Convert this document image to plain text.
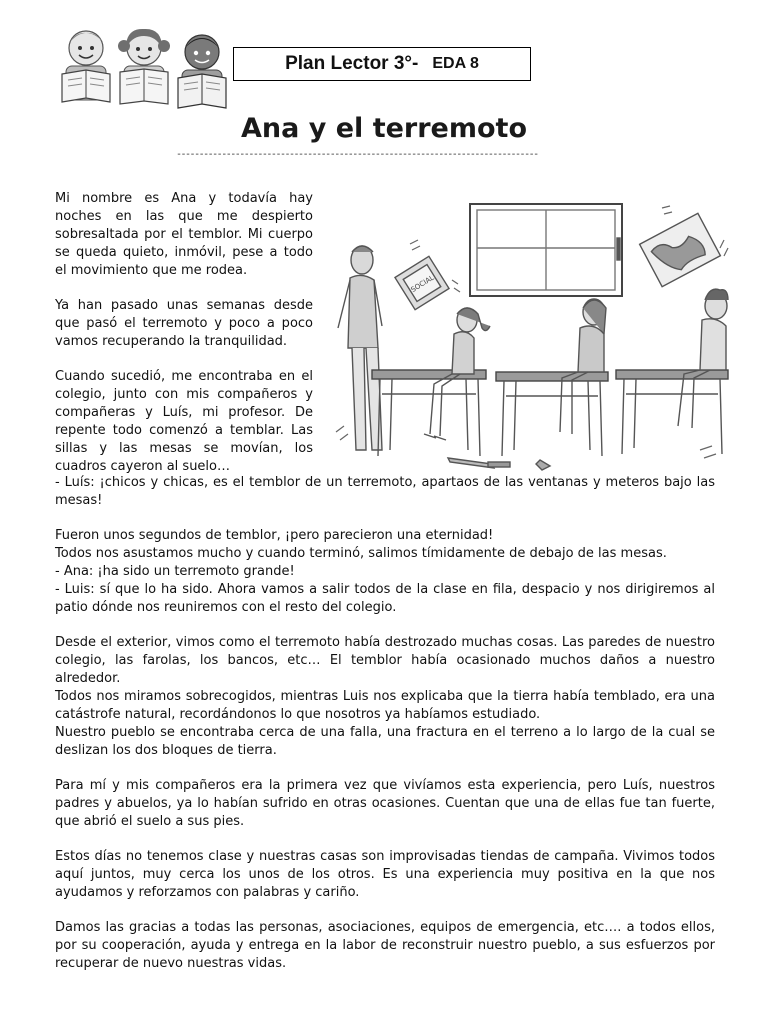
Plan Lector 3°- EDA 8
Ana y el terremoto
--------------------------------------------------------------------------------

Mi nombre es Ana y todavía hay noches en las que me despierto sobresaltada por el temblor. Mi cuerpo se queda quieto, inmóvil, pese a todo el movimiento que me rodea.

Ya han pasado unas semanas desde que pasó el terremoto y poco a poco vamos recuperando la tranquilidad.

Cuando sucedió, me encontraba en el colegio, junto con mis compañeros y compañeras y Luís, mi profesor. De repente todo comenzó a temblar. Las sillas y las mesas se movían, los cuadros cayeron al suelo…

SOCIAL
- Luís: ¡chicos y chicas, es el temblor de un terremoto, apartaos de las ventanas y meteros bajo las mesas!
Fueron unos segundos de temblor, ¡pero parecieron una eternidad!
Todos nos asustamos mucho y cuando terminó, salimos tímidamente de debajo de las mesas.
- Ana: ¡ha sido un terremoto grande!
- Luis: sí que lo ha sido. Ahora vamos a salir todos de la clase en fila, despacio y nos dirigiremos al patio dónde nos reuniremos con el resto del colegio.
Desde el exterior, vimos como el terremoto había destrozado muchas cosas. Las paredes de nuestro colegio, las farolas, los bancos, etc… El temblor había ocasionado muchos daños a nuestro alrededor.
Todos nos miramos sobrecogidos, mientras Luis nos explicaba que la tierra había temblado, era una catástrofe natural, recordándonos lo que nosotros ya habíamos estudiado.
Nuestro pueblo se encontraba cerca de una falla, una fractura en el terreno a lo largo de la cual se deslizan los dos bloques de tierra.
Para mí y mis compañeros era la primera vez que vivíamos esta experiencia, pero Luís, nuestros padres y abuelos, ya lo habían sufrido en otras ocasiones. Cuentan que una de ellas fue tan fuerte, que abrió el suelo a sus pies.
Estos días no tenemos clase y nuestras casas son improvisadas tiendas de campaña. Vivimos todos aquí juntos, muy cerca los unos de los otros. Es una experiencia muy positiva en la que nos ayudamos y reforzamos con palabras y cariño.
Damos las gracias a todas las personas, asociaciones, equipos de emergencia, etc…. a todos ellos, por su cooperación, ayuda y entrega en la labor de reconstruir nuestro pueblo, a sus esfuerzos por recuperar de nuevo nuestras vidas.
